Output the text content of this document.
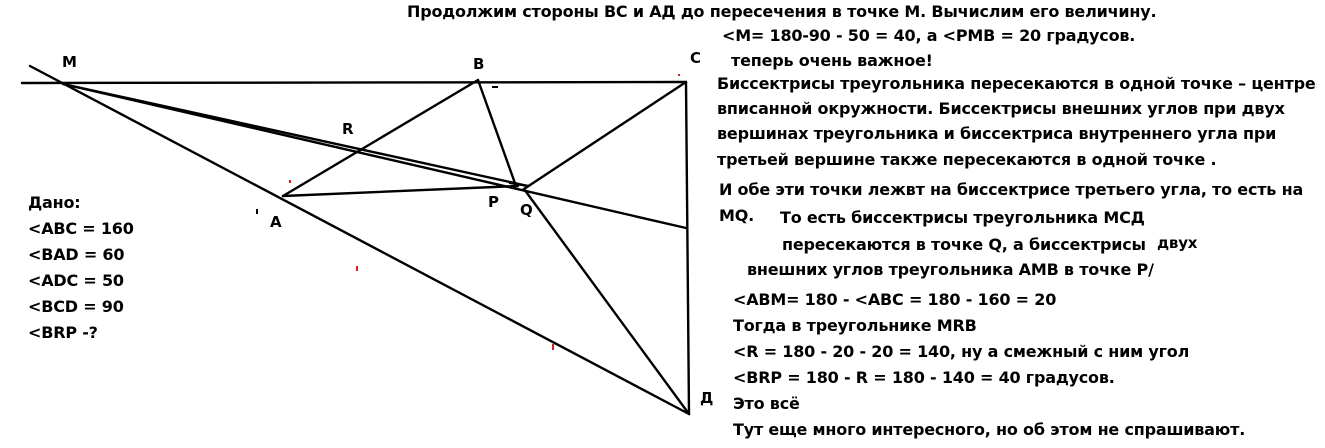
M	B	C
R
A
P Q
Д
Дано:
<ABC = 160
<BAD = 60
<ADC = 50
<BCD = 90
<BRP -?
Продолжим стороны ВС и АД до пересечения в точке М. Вычислим его величину.
<M= 180-90 - 50 = 40, а <PMB = 20 градусов.
теперь очень важное!
Биссектрисы треугольника пересекаются в одной точке – центре
вписанной окружности. Биссектрисы внешних углов при двух
вершинах треугольника и биссектриса внутреннего угла при
третьей вершине также пересекаются в одной точке .
И обе эти точки лежвт на биссектрисе третьего угла, то есть на
MQ. То есть биссектрисы треугольника МСД
пересекаются в точке Q, а биссектрисы двух
внешних углов треугольника АМВ в точке Р/
<ABM= 180 - <ABC = 180 - 160 = 20
Тогда в треугольнике MRB
<R = 180 - 20 - 20 = 140, ну а смежный с ним угол
<BRP = 180 - R = 180 - 140 = 40 градусов.
Это всё
Тут еще много интересного, но об этом не спрашивают.
